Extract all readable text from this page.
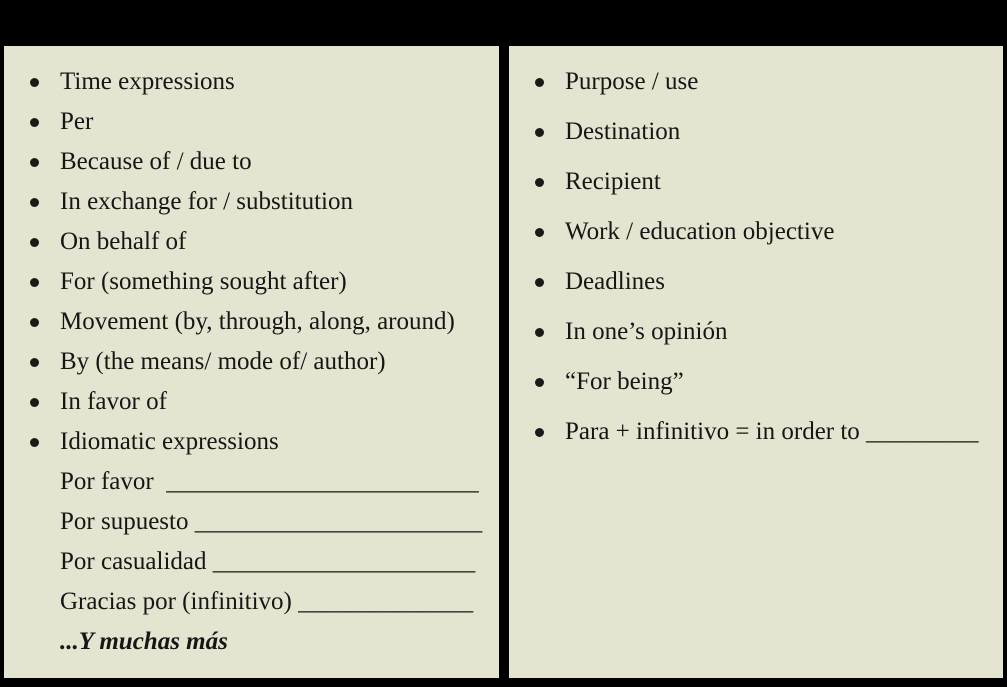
Time expressions
Per
Because of / due to
In exchange for / substitution
On behalf of
For (something sought after)
Movement (by, through, along, around)
By (the means/ mode of/ author)
In favor of
Idiomatic expressions
Por favor  _________________________
Por supuesto _______________________
Por casualidad _____________________
Gracias por (infinitivo) ______________
...Y muchas más
Purpose / use
Destination
Recipient
Work / education objective
Deadlines
In one’s opinión
“For being”
Para + infinitivo = in order to _________
